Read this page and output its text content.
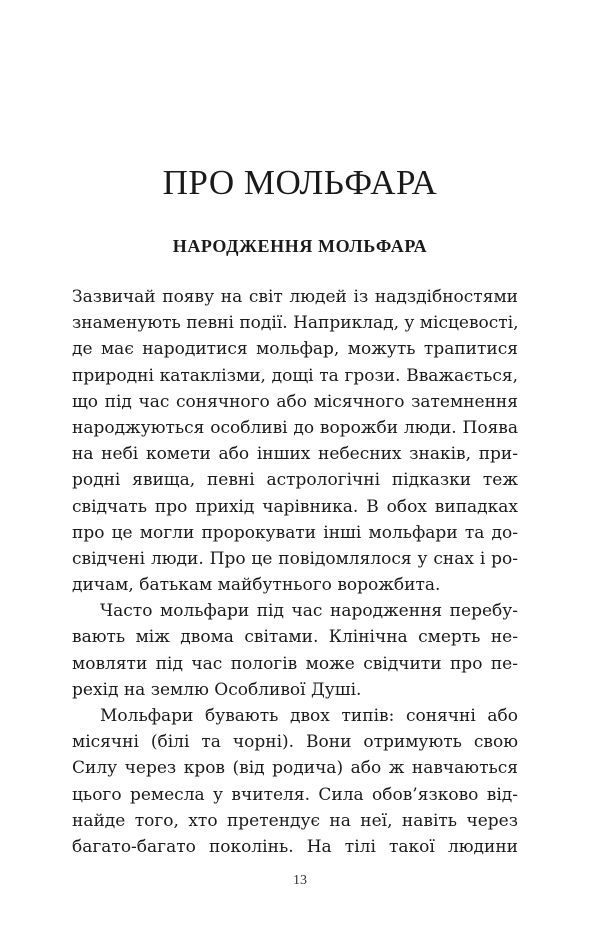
ПРО МОЛЬФАРА
НАРОДЖЕННЯ МОЛЬФАРА
Зазвичай появу на світ людей із надздібностями
знаменують певні події. Наприклад, у місцевості,
де має народитися мольфар, можуть трапитися
природні катаклізми, дощі та грози. Вважається,
що під час сонячного або місячного затемнення
народжуються особливі до ворожби люди. Поява
на небі комети або інших небесних знаків, при-
родні явища, певні астрологічні підказки теж
свідчать про прихід чарівника. В обох випадках
про це могли пророкувати інші мольфари та до-
свідчені люди. Про це повідомлялося у снах і ро-
дичам, батькам майбутнього ворожбита.
Часто мольфари під час народження перебу-
вають між двома світами. Клінічна смерть не-
мовляти під час пологів може свідчити про пе-
рехід на землю Особливої Душі.
Мольфари бувають двох типів: сонячні або
місячні (білі та чорні). Вони отримують свою
Силу через кров (від родича) або ж навчаються
цього ремесла у вчителя. Сила обов’язково від-
найде того, хто претендує на неї, навіть через
багато-багато поколінь. На тілі такої людини
13
